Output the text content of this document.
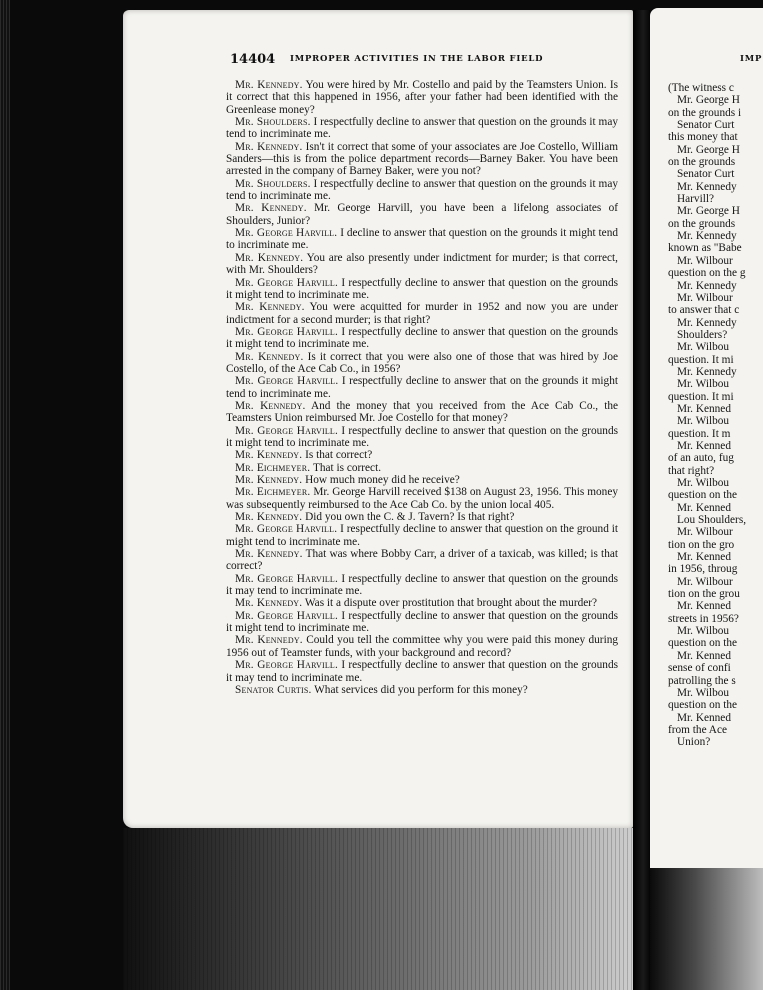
14404 IMPROPER ACTIVITIES IN THE LABOR FIELD

Mr. Kennedy. You were hired by Mr. Costello and paid by the Teamsters Union. Is it correct that this happened in 1956, after your father had been identified with the Greenlease money?

Mr. Shoulders. I respectfully decline to answer that question on the grounds it may tend to incriminate me.

Mr. Kennedy. Isn't it correct that some of your associates are Joe Costello, William Sanders—this is from the police department records—Barney Baker. You have been arrested in the company of Barney Baker, were you not?

Mr. Shoulders. I respectfully decline to answer that question on the grounds it may tend to incriminate me.

Mr. Kennedy. Mr. George Harvill, you have been a lifelong associates of Shoulders, Junior?

Mr. George Harvill. I decline to answer that question on the grounds it might tend to incriminate me.

Mr. Kennedy. You are also presently under indictment for murder; is that correct, with Mr. Shoulders?

Mr. George Harvill. I respectfully decline to answer that question on the grounds it might tend to incriminate me.

Mr. Kennedy. You were acquitted for murder in 1952 and now you are under indictment for a second murder; is that right?

Mr. George Harvill. I respectfully decline to answer that question on the grounds it might tend to incriminate me.

Mr. Kennedy. Is it correct that you were also one of those that was hired by Joe Costello, of the Ace Cab Co., in 1956?

Mr. George Harvill. I respectfully decline to answer that on the grounds it might tend to incriminate me.

Mr. Kennedy. And the money that you received from the Ace Cab Co., the Teamsters Union reimbursed Mr. Joe Costello for that money?

Mr. George Harvill. I respectfully decline to answer that question on the grounds it might tend to incriminate me.

Mr. Kennedy. Is that correct?

Mr. Eichmeyer. That is correct.

Mr. Kennedy. How much money did he receive?

Mr. Eichmeyer. Mr. George Harvill received $138 on August 23, 1956. This money was subsequently reimbursed to the Ace Cab Co. by the union local 405.

Mr. Kennedy. Did you own the C. & J. Tavern? Is that right?

Mr. George Harvill. I respectfully decline to answer that question on the ground it might tend to incriminate me.

Mr. Kennedy. That was where Bobby Carr, a driver of a taxicab, was killed; is that correct?

Mr. George Harvill. I respectfully decline to answer that question on the grounds it may tend to incriminate me.

Mr. Kennedy. Was it a dispute over prostitution that brought about the murder?

Mr. George Harvill. I respectfully decline to answer that question on the grounds it might tend to incriminate me.

Mr. Kennedy. Could you tell the committee why you were paid this money during 1956 out of Teamster funds, with your background and record?

Mr. George Harvill. I respectfully decline to answer that question on the grounds it may tend to incriminate me.

Senator Curtis. What services did you perform for this money?

IMP
(The witness c
Mr. George H
on the grounds i
Senator Curt
this money that
Mr. George H
on the grounds
Senator Curt
Mr. Kennedy
Harvill?
Mr. George H
on the grounds
Mr. Kennedy
known as "Babe
Mr. Wilbour
question on the g
Mr. Kennedy
Mr. Wilbour
to answer that c
Mr. Kennedy
Shoulders?
Mr. Wilbou
question. It mi
Mr. Kennedy
Mr. Wilbou
question. It mi
Mr. Kenned
Mr. Wilbou
question. It m
Mr. Kenned
of an auto, fug
that right?
Mr. Wilbou
question on the
Mr. Kenned
Lou Shoulders,
Mr. Wilbour
tion on the gro
Mr. Kenned
in 1956, throug
Mr. Wilbour
tion on the grou
Mr. Kenned
streets in 1956?
Mr. Wilbou
question on the
Mr. Kenned
sense of confi
patrolling the s
Mr. Wilbou
question on the
Mr. Kenned
from the Ace
Union?
